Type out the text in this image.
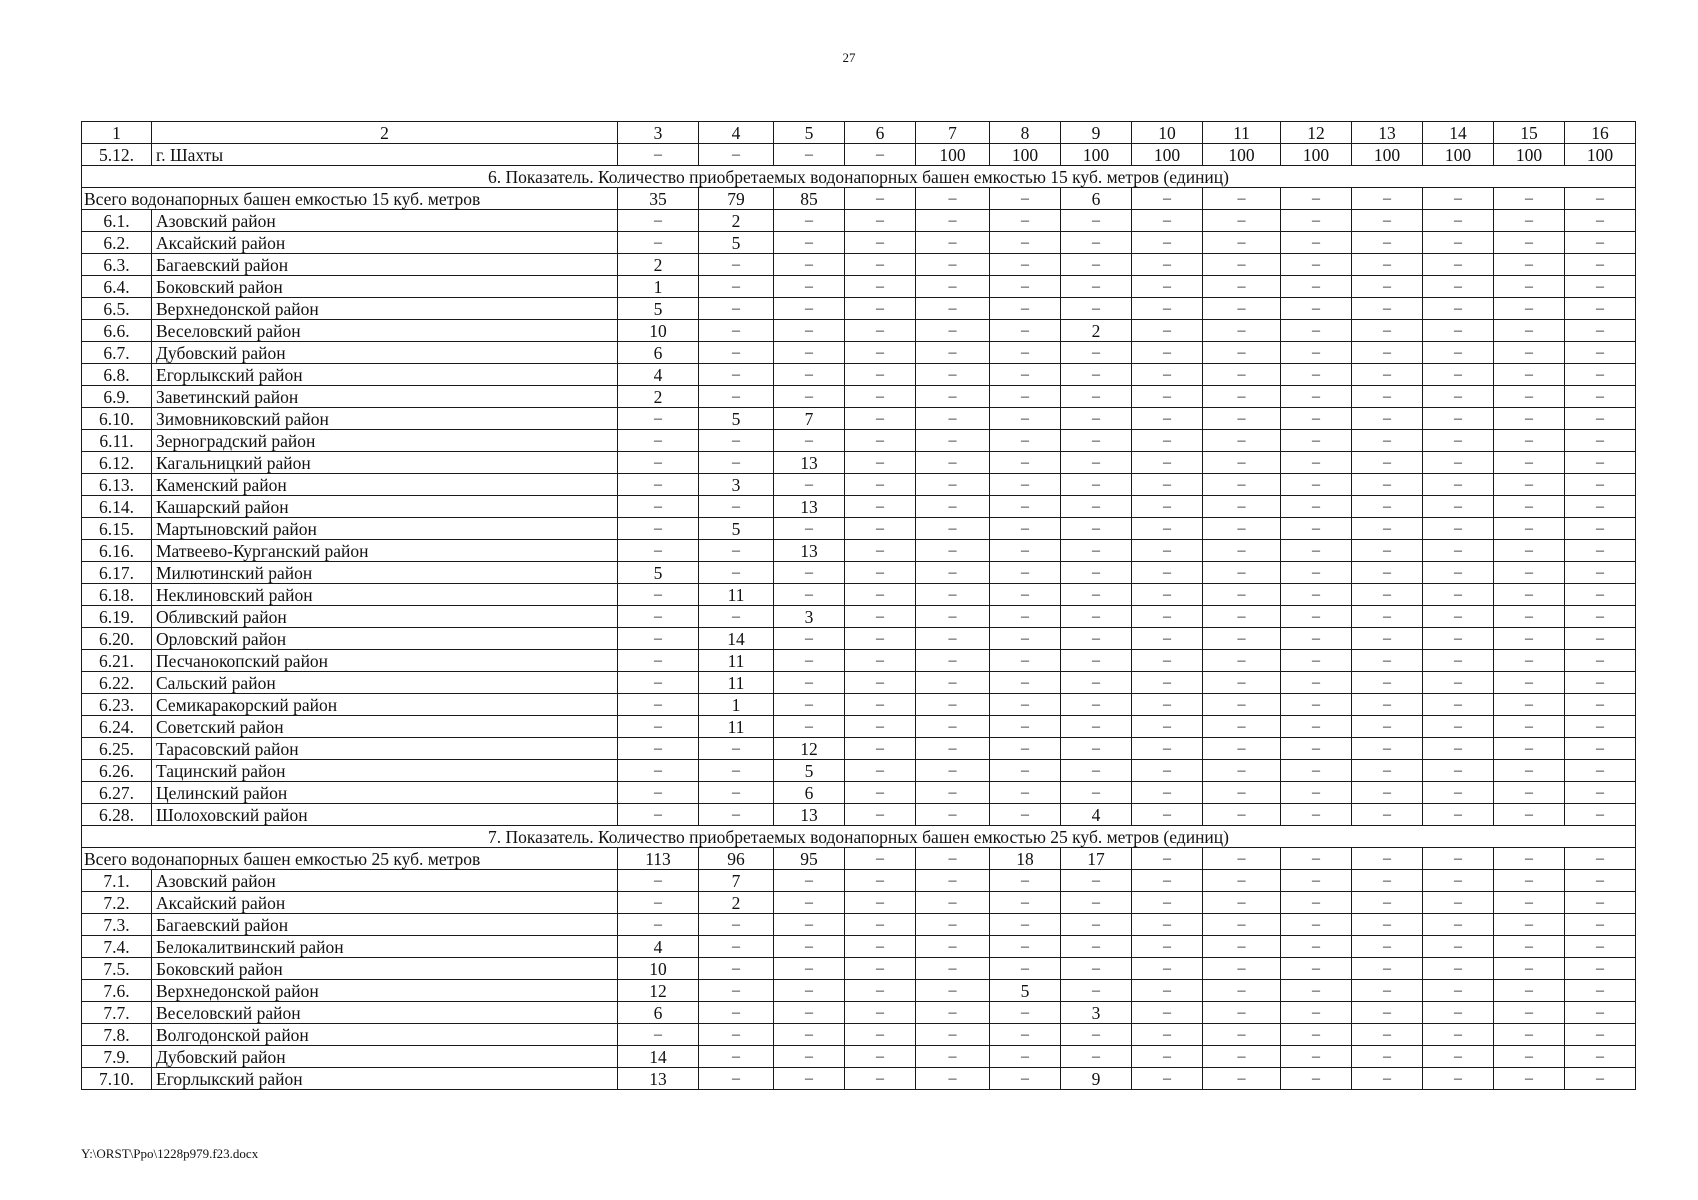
27
1	2	3	4	5	6	7	8	9	10	11	12	13	14	15	16
5.12.	г. Шахты	–	–	–	–	100	100	100	100	100	100	100	100	100	100
6. Показатель. Количество приобретаемых водонапорных башен емкостью 15 куб. метров (единиц)															
Всего водонапорных башен емкостью 15 куб. метров		35	79	85	–	–	–	6	–	–	–	–	–	–	–
6.1.	Азовский район	–	2	–	–	–	–	–	–	–	–	–	–	–	–
6.2.	Аксайский район	–	5	–	–	–	–	–	–	–	–	–	–	–	–
6.3.	Багаевский район	2	–	–	–	–	–	–	–	–	–	–	–	–	–
6.4.	Боковский район	1	–	–	–	–	–	–	–	–	–	–	–	–	–
6.5.	Верхнедонской район	5	–	–	–	–	–	–	–	–	–	–	–	–	–
6.6.	Веселовский район	10	–	–	–	–	–	2	–	–	–	–	–	–	–
6.7.	Дубовский район	6	–	–	–	–	–	–	–	–	–	–	–	–	–
6.8.	Егорлыкский район	4	–	–	–	–	–	–	–	–	–	–	–	–	–
6.9.	Заветинский район	2	–	–	–	–	–	–	–	–	–	–	–	–	–
6.10.	Зимовниковский район	–	5	7	–	–	–	–	–	–	–	–	–	–	–
6.11.	Зерноградский район	–	–	–	–	–	–	–	–	–	–	–	–	–	–
6.12.	Кагальницкий район	–	–	13	–	–	–	–	–	–	–	–	–	–	–
6.13.	Каменский район	–	3	–	–	–	–	–	–	–	–	–	–	–	–
6.14.	Кашарский район	–	–	13	–	–	–	–	–	–	–	–	–	–	–
6.15.	Мартыновский район	–	5	–	–	–	–	–	–	–	–	–	–	–	–
6.16.	Матвеево-Курганский район	–	–	13	–	–	–	–	–	–	–	–	–	–	–
6.17.	Милютинский район	5	–	–	–	–	–	–	–	–	–	–	–	–	–
6.18.	Неклиновский район	–	11	–	–	–	–	–	–	–	–	–	–	–	–
6.19.	Обливский район	–	–	3	–	–	–	–	–	–	–	–	–	–	–
6.20.	Орловский район	–	14	–	–	–	–	–	–	–	–	–	–	–	–
6.21.	Песчанокопский район	–	11	–	–	–	–	–	–	–	–	–	–	–	–
6.22.	Сальский район	–	11	–	–	–	–	–	–	–	–	–	–	–	–
6.23.	Семикаракорский район	–	1	–	–	–	–	–	–	–	–	–	–	–	–
6.24.	Советский район	–	11	–	–	–	–	–	–	–	–	–	–	–	–
6.25.	Тарасовский район	–	–	12	–	–	–	–	–	–	–	–	–	–	–
6.26.	Тацинский район	–	–	5	–	–	–	–	–	–	–	–	–	–	–
6.27.	Целинский район	–	–	6	–	–	–	–	–	–	–	–	–	–	–
6.28.	Шолоховский район	–	–	13	–	–	–	4	–	–	–	–	–	–	–
7. Показатель. Количество приобретаемых водонапорных башен емкостью 25 куб. метров (единиц)															
Всего водонапорных башен емкостью 25 куб. метров		113	96	95	–	–	18	17	–	–	–	–	–	–	–
7.1.	Азовский район	–	7	–	–	–	–	–	–	–	–	–	–	–	–
7.2.	Аксайский район	–	2	–	–	–	–	–	–	–	–	–	–	–	–
7.3.	Багаевский район	–	–	–	–	–	–	–	–	–	–	–	–	–	–
7.4.	Белокалитвинский район	4	–	–	–	–	–	–	–	–	–	–	–	–	–
7.5.	Боковский район	10	–	–	–	–	–	–	–	–	–	–	–	–	–
7.6.	Верхнедонской район	12	–	–	–	–	5	–	–	–	–	–	–	–	–
7.7.	Веселовский район	6	–	–	–	–	–	3	–	–	–	–	–	–	–
7.8.	Волгодонской район	–	–	–	–	–	–	–	–	–	–	–	–	–	–
7.9.	Дубовский район	14	–	–	–	–	–	–	–	–	–	–	–	–	–
7.10.	Егорлыкский район	13	–	–	–	–	–	9	–	–	–	–	–	–	–
Y:\ORST\Ppo\1228p979.f23.docx
